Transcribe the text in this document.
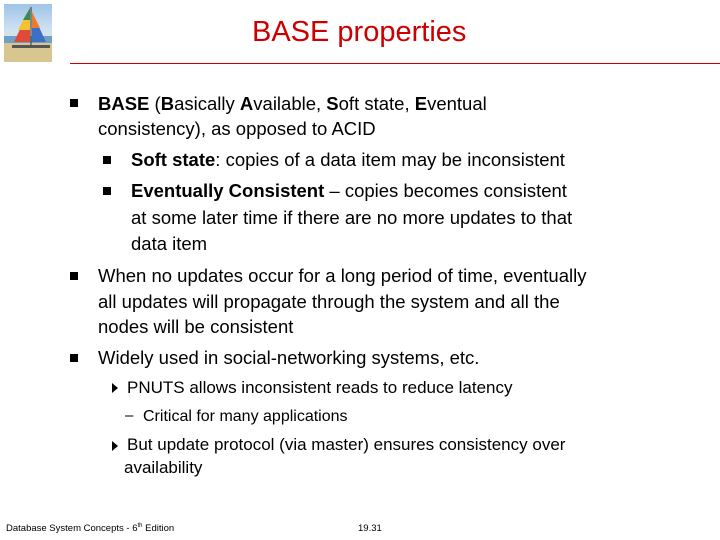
BASE properties
BASE (Basically Available, Soft state, Eventual
consistency), as opposed to ACID
Soft state: copies of a data item may be inconsistent
Eventually Consistent – copies becomes consistent
at some later time if there are no more updates to that
data item
When no updates occur for a long period of time, eventually
all updates will propagate through the system and all the
nodes will be consistent
Widely used in social-networking systems, etc.
PNUTS allows inconsistent reads to reduce latency
– Critical for many applications
But update protocol (via master) ensures consistency over
availability
Database System Concepts - 6th Edition	19.31
